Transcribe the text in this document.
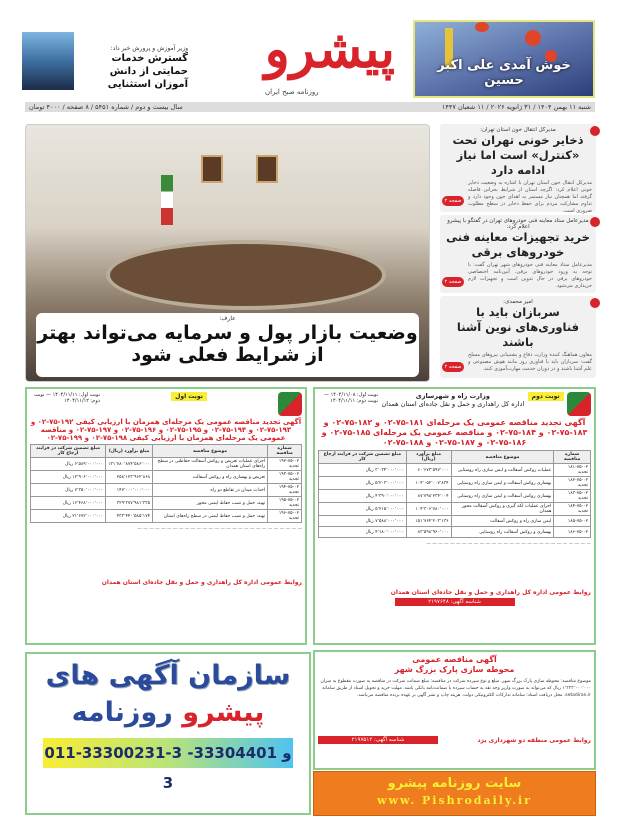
خوش آمدی علی اکبر حسین
پیشرو
روزنامه صبح ایران
وزیر آموزش و پرورش خبر داد:
گسترش خدمات حمایتی از دانش آموزان استثنایی
شنبه ۱۱ بهمن ۱۴۰۴ / ۳۱ ژانویه ۲۰۲۶ / ۱۱ شعبان ۱۴۴۷
سال بیست و دوم / شماره ۵۴۵۱ / ۸ صفحه / ۴۰۰۰ تومان
عارف:
وضعیت بازار پول و سرمایه می‌تواند بهتر از شرایط فعلی شود
مدیرکل انتقال خون استان تهران:
ذخایر خونی تهران تحت «کنترل» است اما نیاز ادامه دارد
مدیرکل انتقال خون استان تهران با اشاره به وضعیت ذخایر خونی اعلام کرد: اگرچه استان از شرایط بحرانی فاصله گرفته اما همچنان نیاز مستمر به اهدای خون وجود دارد و تداوم مشارکت مردم برای حفظ ذخایر در سطح مطلوب ضروری است.
صفحه ۲
مدیرعامل ستاد معاینه فنی خودروهای تهران در گفتگو با پیشرو اعلام کرد:
خرید تجهیزات معاینه فنی خودروهای برقی
مدیرعامل ستاد معاینه فنی خودروهای شهر تهران گفت: با توجه به ورود خودروهای برقی، آیین‌نامه اختصاصی خودروهای برقی در حال تدوین است و تجهیزات لازم خریداری می‌شود.
صفحه ۲
امیر محمدی:
سربازان باید با فناوری‌های نوین آشنا باشند
معاون هماهنگ کننده وزارت دفاع و پشتیبانی نیروهای مسلح گفت: سربازان باید با فناوری روز مانند هوش مصنوعی و علم آشنا باشند و در دوران خدمت مهارت‌آموزی کنند.
صفحه ۲
نوبت دوم
وزارت راه و شهرسازی
اداره کل راهداری و حمل و نقل جاده‌ای استان همدان
نوبت اول: ۱۴۰۴/۱۱/۰۸ — نوبت دوم: ۱۴۰۴/۱۱/۱۱
آگهی تجدید مناقصه عمومی یک مرحله‌ای ۱۸۱-۷۵-۰۲ و ۱۸۲-۷۵-۰۲ و ۱۸۳-۷۵-۰۲ و ۱۸۴-۷۵-۰۲ و مناقصه عمومی یک مرحله‌ای ۱۸۵-۷۵-۰۲ و ۱۸۶-۷۵-۰۲ و ۱۸۷-۷۵-۰۲ و ۱۸۸-۷۵-۰۲
شماره مناقصه	موضوع مناقصه	مبلغ برآورد (ریال)	مبلغ تضمین شرکت در فرایند ارجاع کار
۱۸۱-۷۵-۰۲ تجدید	عملیات روکش آسفالت و ایمن سازی راه روستایی	۶۰٬۶۷۳٬۵۹۷٬۰۰۰	۳٬۰۳۴٬۰۰۰٬۰۰۰ ریال
۱۸۲-۷۵-۰۲ تجدید	بهسازی روکش آسفالت و ایمن سازی راه روستایی	۱۰۴٬۰۵۲٬۰۰۷٬۸۳۴	۵٬۲۰۳٬۰۰۰٬۰۰۰ ریال
۱۸۳-۷۵-۰۲ تجدید	بهسازی روکش آسفالت و ایمن سازی راه روستایی	۸۷٬۷۹۸٬۲۳۴٬۰۰۴	۴٬۳۹۰٬۰۰۰٬۰۰۰ ریال
۱۸۴-۷۵-۰۲ تجدید	اجرای عملیات لکه گیری و روکش آسفالت محور همدان	۱۰۴٬۳۰۶٬۷۸۰٬۰۰۰	۵٬۲۱۵٬۰۰۰٬۰۰۰ ریال
۱۸۵-۷۵-۰۲	ایمن سازی راه و روکش آسفالت	۱۵۱٬۷۶۴٬۲۰۳٬۱۳۶	۷٬۵۸۸٬۰۰۰٬۰۰۰ ریال
۱۸۶-۷۵-۰۲	بهسازی و روکش آسفالت راه روستایی	۸۳٬۵۹۸٬۹۶۰٬۰۰۰	۴٬۱۸۰٬۰۰۰٬۰۰۰ ریال
— — — — — — — — — — — — — — — — — — — — — — — — — — — —
روابط عمومی اداره کل راهداری و حمل و نقل جاده‌ای استان همدان
شناسه آگهی: ۲۱۹۷۶۴۸
نوبت اول
نوبت اول: ۱۴۰۴/۱۱/۱۱ — نوبت دوم: ۱۴۰۴/۱۱/۱۲
آگهی تجدید مناقصه عمومی یک مرحله‌ای همزمان با ارزیابی کیفی ۱۹۲-۷۵-۰۲ و ۱۹۳-۷۵-۰۲ و ۱۹۴-۷۵-۰۲ و ۱۹۵-۷۵-۰۲ و ۱۹۶-۷۵-۰۲ و ۱۹۷-۷۵-۰۲ و مناقصه عمومی یک مرحله‌ای همزمان با ارزیابی کیفی ۱۹۸-۷۵-۰۲ و ۱۹۹-۷۵-۰۲
شماره مناقصه	موضوع مناقصه	مبلغ برآورد (ریال)	مبلغ تضمین شرکت در فرایند ارجاع کار
۱۹۲-۷۵-۰۲ تجدید	اجرای عملیات تعریض و روکش آسفالت حفاظتی در سطح راه‌های استان همدان	۱۳۱٬۷۸۰٬۸۷۴٬۵۸۶٬۰۰۰	۶٬۵۸۹٬۰۰۰٬۰۰۰ ریال
۱۹۳-۷۵-۰۲ تجدید	تعریض و بهسازی راه و روکش آسفالت	۲۵۸٬۱۲۳٬۹۶۲٬۸۶۸	۱۲٬۹۰۶٬۰۰۰٬۰۰۰ ریال
۱۹۴-۷۵-۰۲ تجدید	احداث میدان در تقاطع دو راه	۱۴۷٬۰۰۰٬۰۰۰٬۰۰۰	۷٬۳۵۰٬۰۰۰٬۰۰۰ ریال
۱۹۵-۷۵-۰۲ تجدید	تهیه، حمل و نصب حفاظ ایمنی محور	۳۲۹٬۳۷۷٬۹۸۱٬۳۳۵	۱۶٬۴۶۸٬۰۰۰٬۰۰۰ ریال
۱۹۶-۷۵-۰۲ تجدید	تهیه، حمل و نصب حفاظ ایمنی در سطح راه‌های استان	۴۳۳٬۴۴۰٬۵۸۵٬۱۷۴	۲۱٬۶۷۲٬۰۰۰٬۰۰۰ ریال
— — — — — — — — — — — — — — — — — — — — — — — — — — — —
روابط عمومی اداره کل راهداری و حمل و نقل جاده‌ای استان همدان
آگهی مناقصه عمومی
محوطه سازی پارک بزرگ شهر
موضوع مناقصه: محوطه سازی پارک بزرگ شهر. مبلغ و نوع سپرده شرکت در مناقصه: مبلغ ضمانت شرکت در مناقصه به صورت مقطوع به میزان ۱٬۳۳۳٬۰۰۰٬۰۰۰ ریال که می‌تواند به صورت واریز وجه نقد به حساب سپرده یا ضمانت‌نامه بانکی باشد. مهلت خرید و تحویل اسناد از طریق سامانه setadiran.ir. محل دریافت اسناد: سامانه تدارکات الکترونیکی دولت. هزینه چاپ و نشر آگهی بر عهده برنده مناقصه می‌باشد.
روابط عمومی منطقه دو شهرداری یزد
شناسه آگهی: ۲۱۹۷۵۱۲
سازمان آگهی های
پیشرو روزنامه
011-33300231-3 و 33304401-3	سایت روزنامه پیشرو
www. Pishrodaily.ir
